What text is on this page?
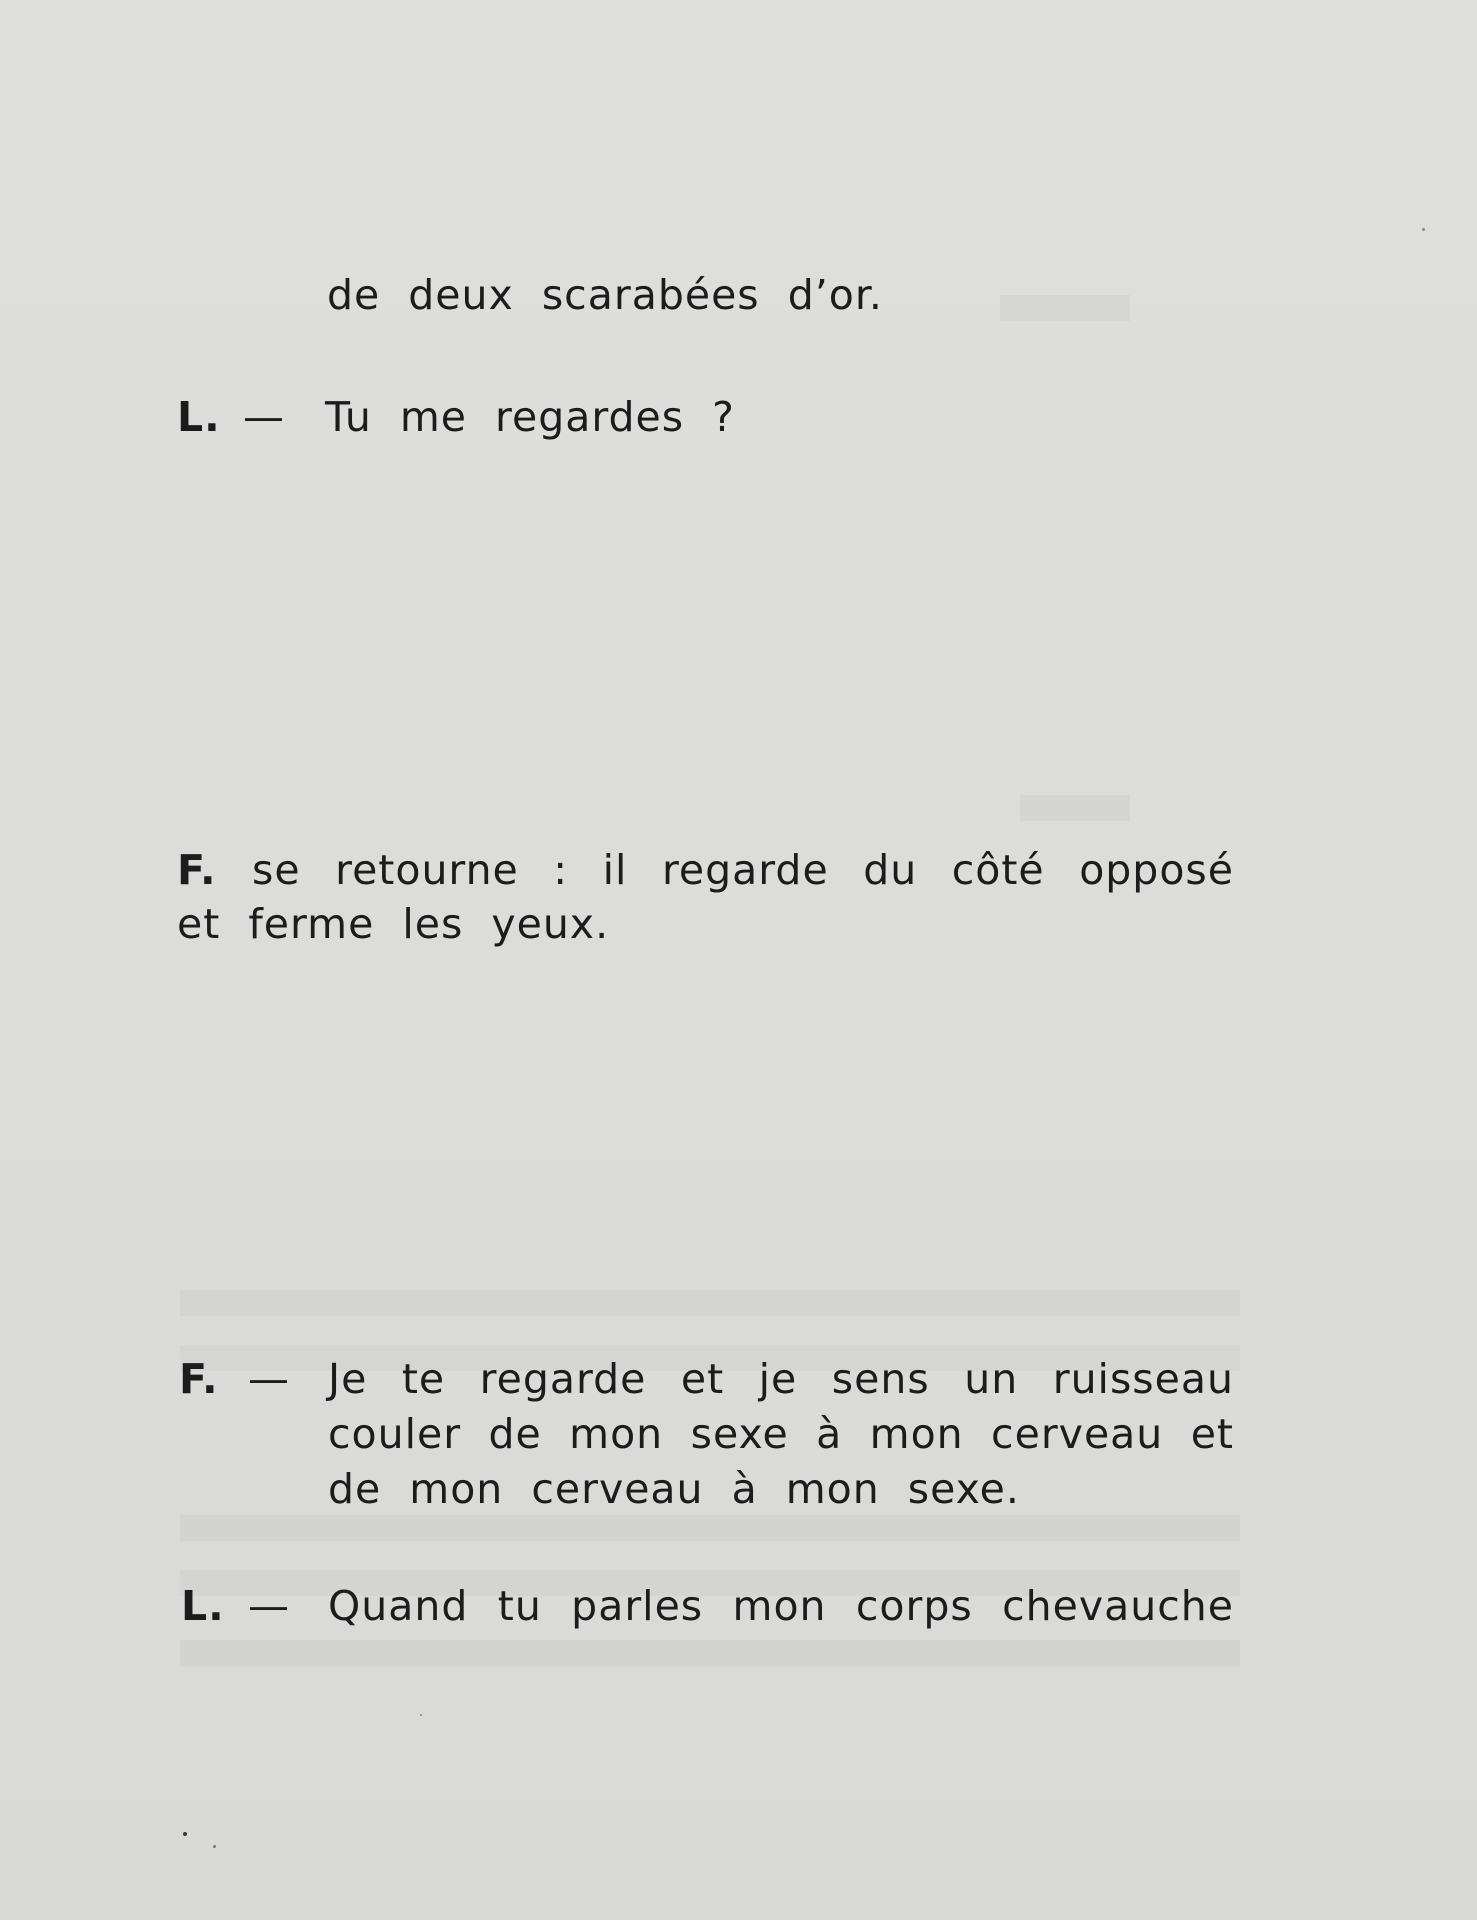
de deux scarabées d’or.
L. — Tu me regardes ?
F. se retourne : il regarde du côté opposé
et ferme les yeux.
F. — Je te regarde et je sens un ruisseau
couler de mon sexe à mon cerveau et
de mon cerveau à mon sexe.
L. — Quand tu parles mon corps chevauche
